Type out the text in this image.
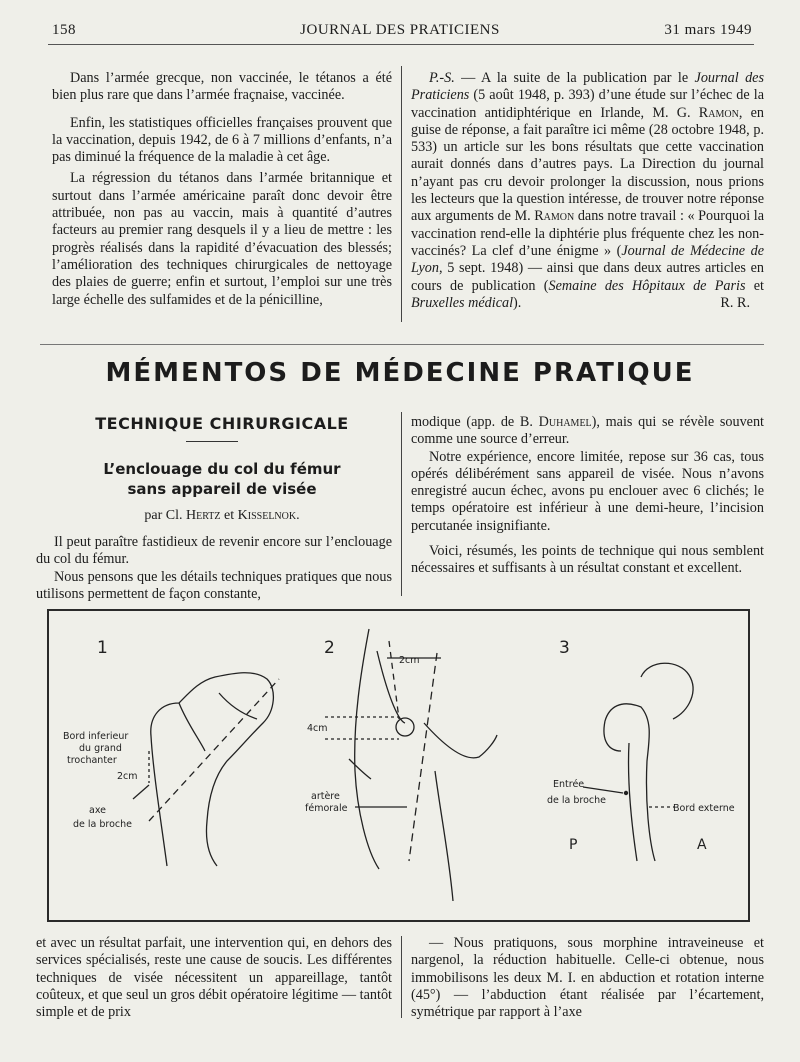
158	JOURNAL DES PRATICIENS	31 mars 1949

Dans l’armée grecque, non vaccinée, le tétanos a été bien plus rare que dans l’armée fraçnaise, vaccinée.

Enfin, les statistiques officielles françaises prouvent que la vaccination, depuis 1942, de 6 à 7 millions d’enfants, n’a pas diminué la fréquence de la maladie à cet âge.

La régression du tétanos dans l’armée britannique et surtout dans l’armée américaine paraît donc devoir être attribuée, non pas au vaccin, mais à quantité d’autres facteurs au premier rang desquels il y a lieu de mettre : les progrès réalisés dans la rapidité d’évacuation des blessés; l’amélioration des techniques chirurgicales de nettoyage des plaies de guerre; enfin et surtout, l’emploi sur une très large échelle des sulfamides et de la pénicilline,

P.-S. — A la suite de la publication par le Journal des Praticiens (5 août 1948, p. 393) d’une étude sur l’échec de la vaccination antidiphtérique en Irlande, M. G. Ramon, en guise de réponse, a fait paraître ici même (28 octobre 1948, p. 533) un article sur les bons résultats que cette vaccination aurait donnés dans d’autres pays. La Direction du journal n’ayant pas cru devoir prolonger la discussion, nous prions les lecteurs que la question intéresse, de trouver notre réponse aux arguments de M. Ramon dans notre travail : « Pourquoi la vaccination rend-elle la diphtérie plus fréquente chez les non-vaccinés? La clef d’une énigme » (Journal de Médecine de Lyon, 5 sept. 1948) — ainsi que dans deux autres articles en cours de publication (Semaine des Hôpitaux de Paris et Bruxelles médical).	R. R.

MÉMENTOS DE MÉDECINE PRATIQUE
TECHNIQUE CHIRURGICALE
L’enclouage du col du fémur
sans appareil de visée
par Cl. Hertz et Kisselnok.

Il peut paraître fastidieux de revenir encore sur l’enclouage du col du fémur.

Nous pensons que les détails techniques pratiques que nous utilisons permettent de façon constante,

modique (app. de B. Duhamel), mais qui se révèle souvent comme une source d’erreur.

Notre expérience, encore limitée, repose sur 36 cas, tous opérés délibérément sans appareil de visée. Nous n’avons enregistré aucun échec, avons pu enclouer avec 6 clichés; le temps opératoire est inférieur à une demi-heure, l’incision percutanée insignifiante.

Voici, résumés, les points de technique qui nous semblent nécessaires et suffisants à un résultat constant et excellent.

1	2	3
Bord inferieur
du grand
trochanter
2cm
axe
de la broche
2cm
4cm
artère
fémorale
Entrée
de la broche
Bord externe
P	A

et avec un résultat parfait, une intervention qui, en dehors des services spécialisés, reste une cause de soucis. Les différentes techniques de visée nécessitent un appareillage, tantôt coûteux, et que seul un gros débit opératoire légitime — tantôt simple et de prix

— Nous pratiquons, sous morphine intraveineuse et nargenol, la réduction habituelle. Celle-ci obtenue, nous immobilisons les deux M. I. en abduction et rotation interne (45°) — l’abduction étant réalisée par l’écartement, symétrique par rapport à l’axe
